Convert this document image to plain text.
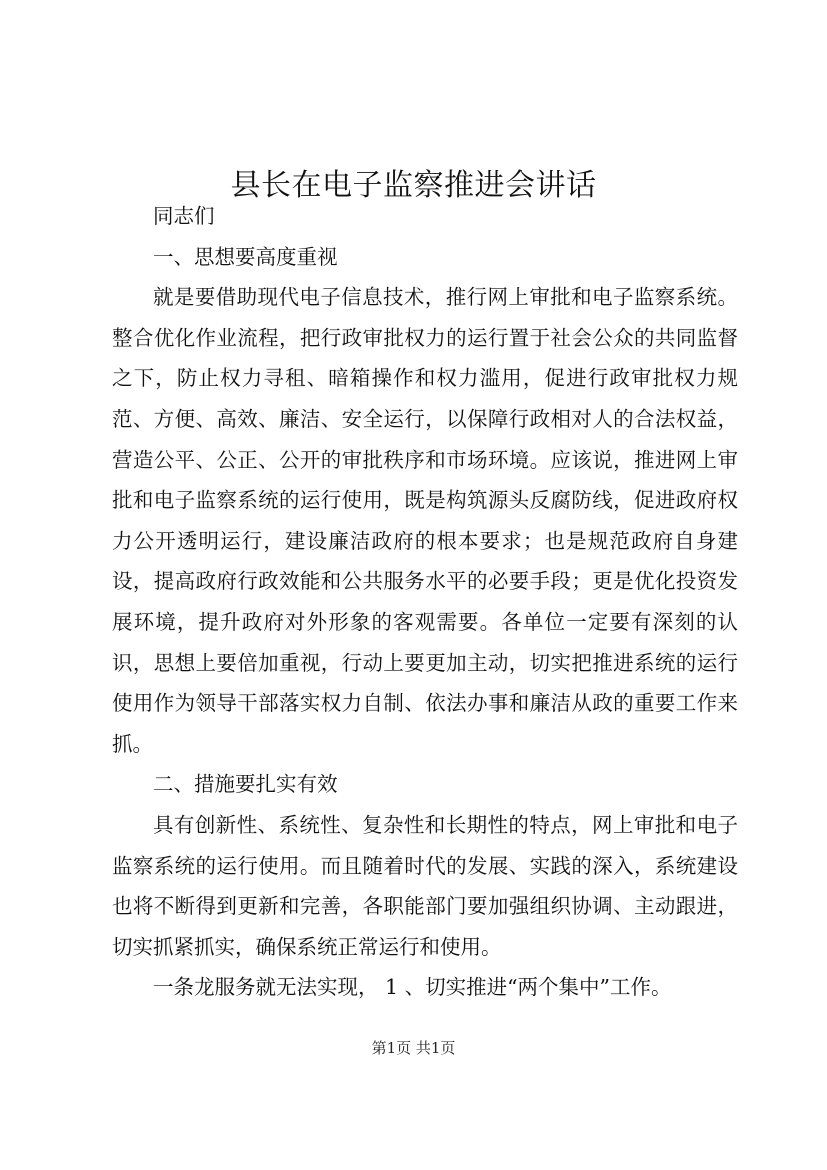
县长在电子监察推进会讲话

同志们

一、思想要高度重视

就是要借助现代电子信息技术，推行网上审批和电子监察系统。整合优化作业流程，把行政审批权力的运行置于社会公众的共同监督之下，防止权力寻租、暗箱操作和权力滥用，促进行政审批权力规范、方便、高效、廉洁、安全运行，以保障行政相对人的合法权益，营造公平、公正、公开的审批秩序和市场环境。应该说，推进网上审批和电子监察系统的运行使用，既是构筑源头反腐防线，促进政府权力公开透明运行，建设廉洁政府的根本要求；也是规范政府自身建设，提高政府行政效能和公共服务水平的必要手段；更是优化投资发展环境，提升政府对外形象的客观需要。各单位一定要有深刻的认识，思想上要倍加重视，行动上要更加主动，切实把推进系统的运行使用作为领导干部落实权力自制、依法办事和廉洁从政的重要工作来抓。

二、措施要扎实有效

具有创新性、系统性、复杂性和长期性的特点，网上审批和电子监察系统的运行使用。而且随着时代的发展、实践的深入，系统建设也将不断得到更新和完善，各职能部门要加强组织协调、主动跟进，切实抓紧抓实，确保系统正常运行和使用。

一条龙服务就无法实现， 1 、切实推进“两个集中”工作。

第1页 共1页
